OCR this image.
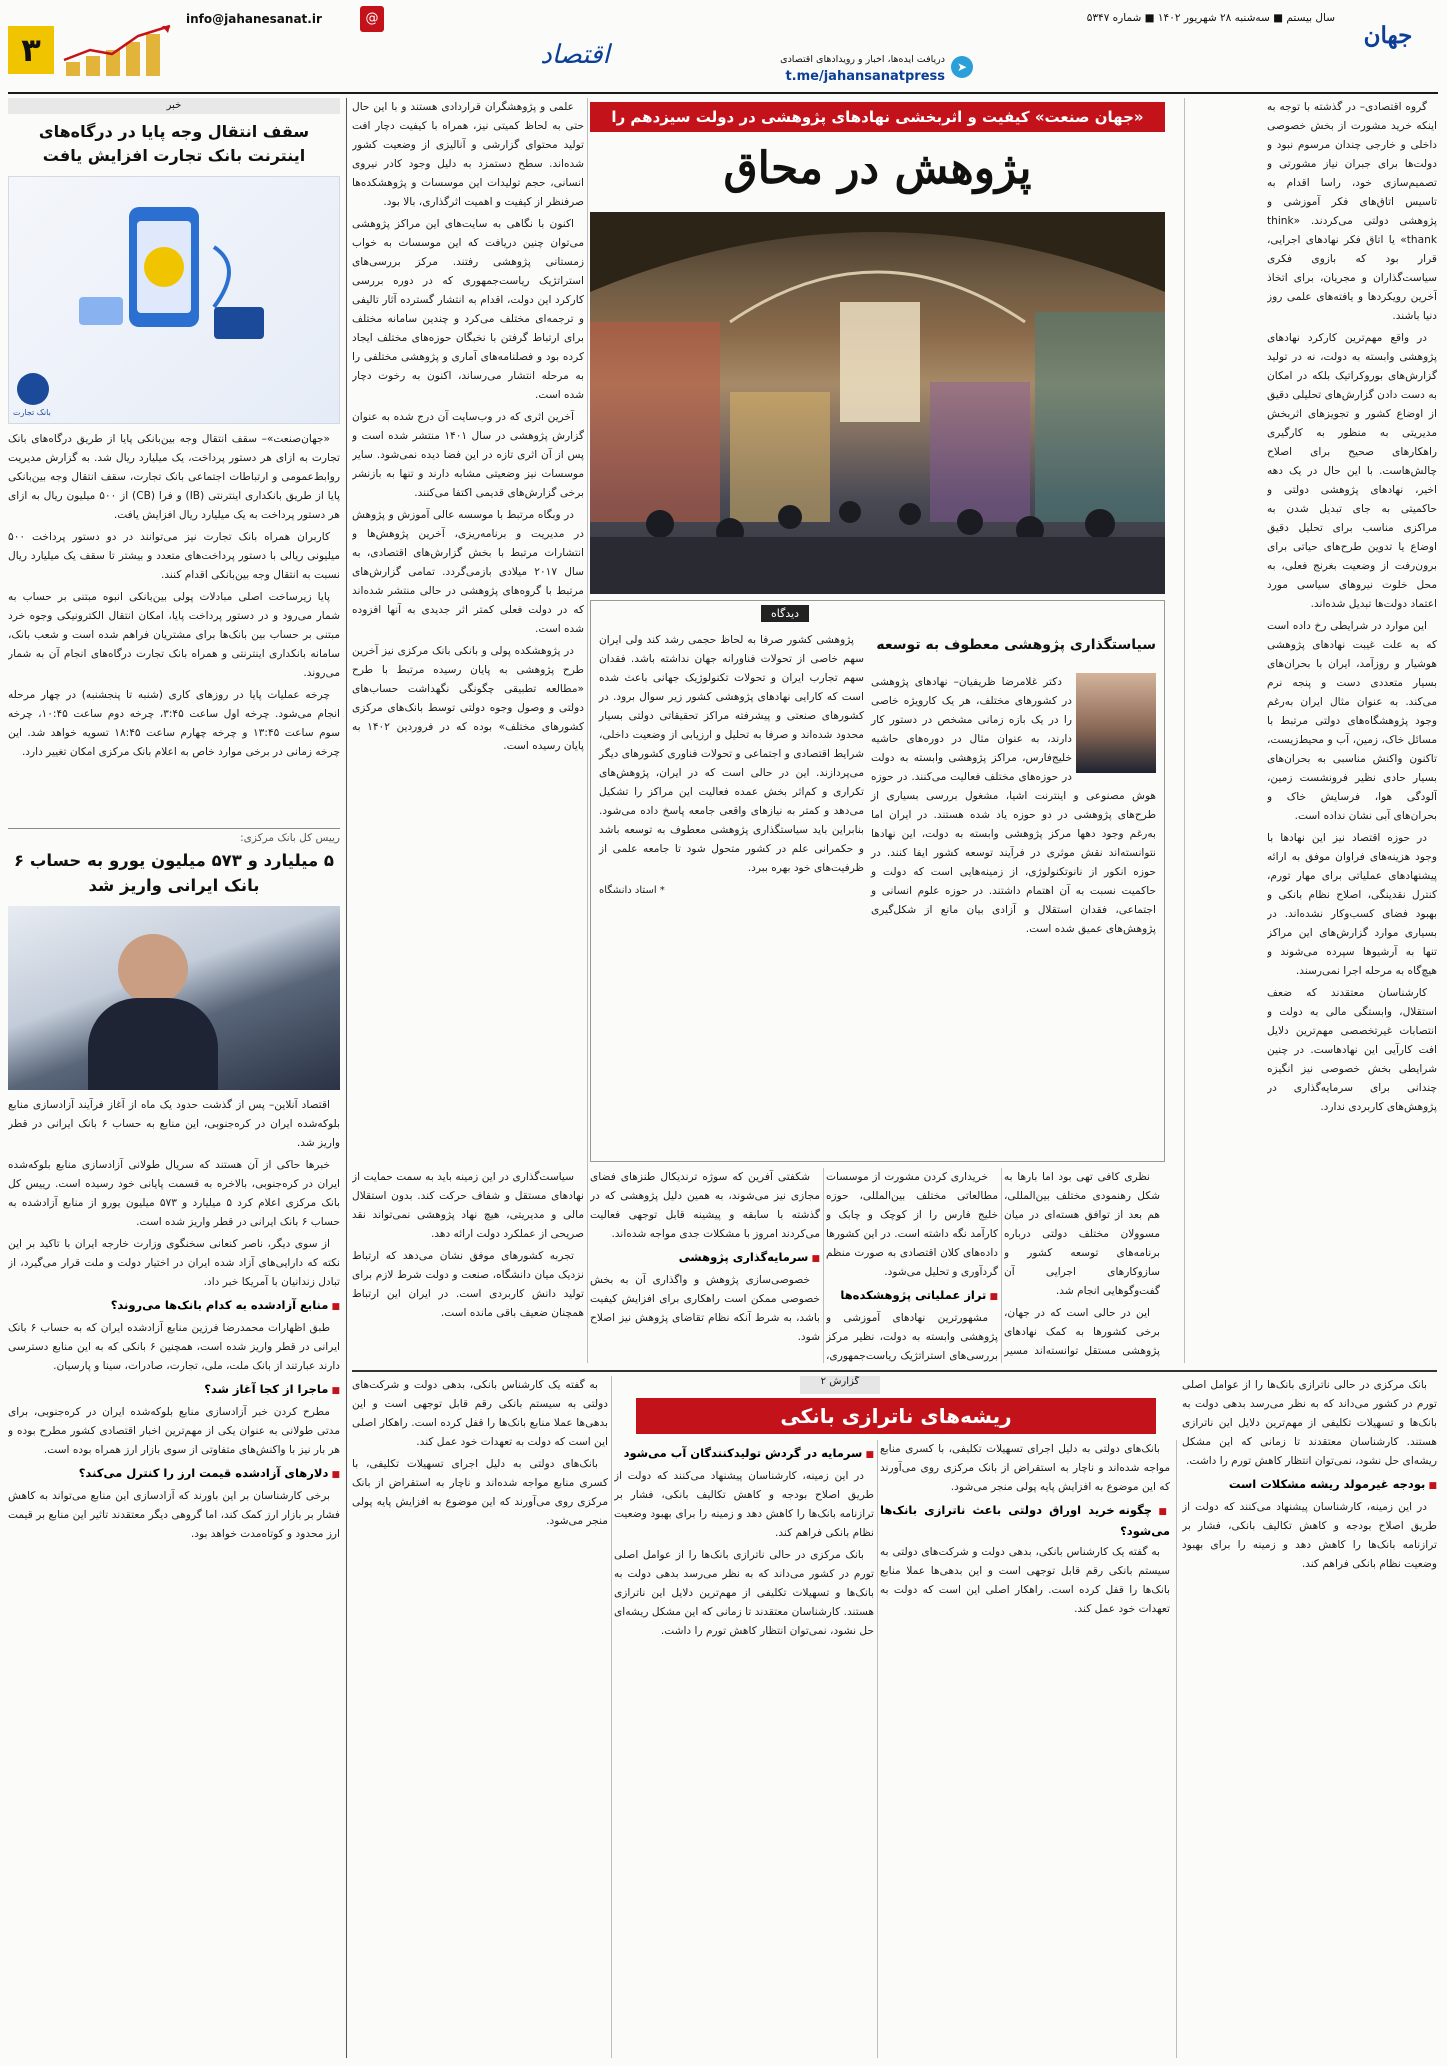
جهان
سال بیستم ■ سه‌شنبه ۲۸ شهریور ۱۴۰۲ ■ شماره ۵۳۴۷
➤
دریافت ایده‌ها، اخبار و رویدادهای اقتصادی
t.me/jahansanatpress
اقتصاد
info@jahanesanat.ir	@
۳
خبر
سقف انتقال وجه پایا در درگاه‌های اینترنت بانک تجارت افزایش یافت
بانک تجارت

«جهان‌صنعت»– سقف انتقال وجه بین‌بانکی پایا از طریق درگاه‌های بانک تجارت به ازای هر دستور پرداخت، یک میلیارد ریال شد. به گزارش مدیریت روابط‌عمومی و ارتباطات اجتماعی بانک تجارت، سقف انتقال وجه بین‌بانکی پایا از طریق بانکداری اینترنتی (IB) و فرا (CB) از ۵۰۰ میلیون ریال به ازای هر دستور پرداخت به یک میلیارد ریال افزایش یافت.

کاربران همراه بانک تجارت نیز می‌توانند در دو دستور پرداخت ۵۰۰ میلیونی ریالی با دستور پرداخت‌های متعدد و بیشتر تا سقف یک میلیارد ریال نسبت به انتقال وجه بین‌بانکی اقدام کنند.

پایا زیرساخت اصلی مبادلات پولی بین‌بانکی انبوه مبتنی بر حساب به شمار می‌رود و در دستور پرداخت پایا، امکان انتقال الکترونیکی وجوه خرد مبتنی بر حساب بین بانک‌ها برای مشتریان فراهم شده است و شعب بانک، سامانه بانکداری اینترنتی و همراه بانک تجارت درگاه‌های انجام آن به شمار می‌روند.

چرخه عملیات پایا در روزهای کاری (شنبه تا پنجشنبه) در چهار مرحله انجام می‌شود. چرخه اول ساعت ۳:۴۵، چرخه دوم ساعت ۱۰:۴۵، چرخه سوم ساعت ۱۳:۴۵ و چرخه چهارم ساعت ۱۸:۴۵ تسویه خواهد شد. این چرخه زمانی در برخی موارد خاص به اعلام بانک مرکزی امکان تغییر دارد.

رییس کل بانک مرکزی:
۵ میلیارد و ۵۷۳ میلیون یورو به حساب ۶ بانک ایرانی واریز شد

اقتصاد آنلاین– پس از گذشت حدود یک ماه از آغاز فرآیند آزادسازی منابع بلوکه‌شده ایران در کره‌جنوبی، این منابع به حساب ۶ بانک ایرانی در قطر واریز شد.

خبرها حاکی از آن هستند که سریال طولانی آزادسازی منابع بلوکه‌شده ایران در کره‌جنوبی، بالاخره به قسمت پایانی خود رسیده است. رییس کل بانک مرکزی اعلام کرد ۵ میلیارد و ۵۷۳ میلیون یورو از منابع آزادشده به حساب ۶ بانک ایرانی در قطر واریز شده است.

از سوی دیگر، ناصر کنعانی سخنگوی وزارت خارجه ایران با تاکید بر این نکته که دارایی‌های آزاد شده ایران در اختیار دولت و ملت قرار می‌گیرد، از تبادل زندانیان با آمریکا خبر داد.

■ منابع آزادشده به کدام بانک‌ها می‌روند؟

طبق اظهارات محمدرضا فرزین منابع آزادشده ایران که به حساب ۶ بانک ایرانی در قطر واریز شده است، همچنین ۶ بانکی که به این منابع دسترسی دارند عبارتند از بانک ملت، ملی، تجارت، صادرات، سینا و پارسیان.

■ ماجرا از کجا آغاز شد؟

مطرح کردن خبر آزادسازی منابع بلوکه‌شده ایران در کره‌جنوبی، برای مدتی طولانی به عنوان یکی از مهم‌ترین اخبار اقتصادی کشور مطرح بوده و هر بار نیز با واکنش‌های متفاوتی از سوی بازار ارز همراه بوده است.

■ دلارهای آزادشده قیمت ارز را کنترل می‌کند؟

برخی کارشناسان بر این باورند که آزادسازی این منابع می‌تواند به کاهش فشار بر بازار ارز کمک کند، اما گروهی دیگر معتقدند تاثیر این منابع بر قیمت ارز محدود و کوتاه‌مدت خواهد بود.

گروه اقتصادی– در گذشته با توجه به اینکه خرید مشورت از بخش خصوصی داخلی و خارجی چندان مرسوم نبود و دولت‌ها برای جبران نیاز مشورتی و تصمیم‌سازی خود، راسا اقدام به تاسیس اتاق‌های فکر آموزشی و پژوهشی دولتی می‌کردند. «think thank» یا اتاق فکر نهادهای اجرایی، قرار بود که بازوی فکری سیاست‌گذاران و مجریان، برای اتخاذ آخرین رویکردها و یافته‌های علمی روز دنیا باشند.

در واقع مهم‌ترین کارکرد نهادهای پژوهشی وابسته به دولت، نه در تولید گزارش‌های بوروکراتیک بلکه در امکان به دست دادن گزارش‌های تحلیلی دقیق از اوضاع کشور و تجویزهای اثربخش مدیریتی به منظور به کارگیری راهکارهای صحیح برای اصلاح چالش‌هاست. با این حال در یک دهه اخیر، نهادهای پژوهشی دولتی و حاکمیتی به جای تبدیل شدن به مراکزی مناسب برای تحلیل دقیق اوضاع یا تدوین طرح‌های حیاتی برای برون‌رفت از وضعیت بغرنج فعلی، به محل خلوت نیروهای سیاسی مورد اعتماد دولت‌ها تبدیل شده‌اند.

این موارد در شرایطی رخ داده است که به علت غیبت نهادهای پژوهشی هوشیار و روزآمد، ایران با بحران‌های بسیار متعددی دست و پنجه نرم می‌کند. به عنوان مثال ایران به‌رغم وجود پژوهشگاه‌های دولتی مرتبط با مسائل خاک، زمین، آب و محیط‌زیست، تاکنون واکنش مناسبی به بحران‌های بسیار حادی نظیر فرونشست زمین، آلودگی هوا، فرسایش خاک و بحران‌های آبی نشان نداده است.

در حوزه اقتصاد نیز این نهادها با وجود هزینه‌های فراوان موفق به ارائه پیشنهادهای عملیاتی برای مهار تورم، کنترل نقدینگی، اصلاح نظام بانکی و بهبود فضای کسب‌وکار نشده‌اند. در بسیاری موارد گزارش‌های این مراکز تنها به آرشیوها سپرده می‌شوند و هیچ‌گاه به مرحله اجرا نمی‌رسند.

کارشناسان معتقدند که ضعف استقلال، وابستگی مالی به دولت و انتصابات غیرتخصصی مهم‌ترین دلایل افت کارآیی این نهادهاست. در چنین شرایطی بخش خصوصی نیز انگیزه چندانی برای سرمایه‌گذاری در پژوهش‌های کاربردی ندارد.

«جهان صنعت» کیفیت و اثربخشی نهادهای پژوهشی در دولت سیزدهم را
پژوهش در محاق

علمی و پژوهشگران قراردادی هستند و با این حال حتی به لحاظ کمیتی نیز، همراه با کیفیت دچار افت تولید محتوای گزارشی و آنالیزی از وضعیت کشور شده‌اند. سطح دستمزد به دلیل وجود کادر نیروی انسانی، حجم تولیدات این موسسات و پژوهشکده‌ها صرفنظر از کیفیت و اهمیت اثرگذاری، بالا بود.

اکنون با نگاهی به سایت‌های این مراکز پژوهشی می‌توان چنین دریافت که این موسسات به خواب زمستانی پژوهشی رفتند. مرکز بررسی‌های استراتژیک ریاست‌جمهوری که در دوره بررسی کارکرد این دولت، اقدام به انتشار گسترده آثار تالیفی و ترجمه‌ای مختلف می‌کرد و چندین سامانه مختلف برای ارتباط گرفتن با نخبگان حوزه‌های مختلف ایجاد کرده بود و فصلنامه‌های آماری و پژوهشی مختلفی را به مرحله انتشار می‌رساند، اکنون به رخوت دچار شده است.

آخرین اثری که در وب‌سایت آن درج شده به عنوان گزارش پژوهشی در سال ۱۴۰۱ منتشر شده است و پس از آن اثری تازه در این فضا دیده نمی‌شود. سایر موسسات نیز وضعیتی مشابه دارند و تنها به بازنشر برخی گزارش‌های قدیمی اکتفا می‌کنند.

در وبگاه مرتبط با موسسه عالی آموزش و پژوهش در مدیریت و برنامه‌ریزی، آخرین پژوهش‌ها و انتشارات مرتبط با بخش گزارش‌های اقتصادی، به سال ۲۰۱۷ میلادی بازمی‌گردد. تمامی گزارش‌های مرتبط با گروه‌های پژوهشی در حالی منتشر شده‌اند که در دولت فعلی کمتر اثر جدیدی به آنها افزوده شده است.

در پژوهشکده پولی و بانکی بانک مرکزی نیز آخرین طرح پژوهشی به پایان رسیده مرتبط با طرح «مطالعه تطبیقی چگونگی نگهداشت حساب‌های دولتی و وصول وجوه دولتی توسط بانک‌های مرکزی کشورهای مختلف» بوده که در فروردین ۱۴۰۲ به پایان رسیده است.

دیدگاه
سیاستگذاری پژوهشی معطوف به توسعه

دکتر غلامرضا ظریفیان– نهادهای پژوهشی در کشورهای مختلف، هر یک کارویژه خاصی را در یک بازه زمانی مشخص در دستور کار دارند، به عنوان مثال در دوره‌های حاشیه خلیج‌فارس، مراکز پژوهشی وابسته به دولت در حوزه‌های مختلف فعالیت می‌کنند. در حوزه هوش مصنوعی و اینترنت اشیا، مشغول بررسی بسیاری از طرح‌های پژوهشی در دو حوزه یاد شده هستند. در ایران اما به‌رغم وجود دهها مرکز پژوهشی وابسته به دولت، این نهادها نتوانسته‌اند نقش موثری در فرآیند توسعه کشور ایفا کنند. در حوزه انکور از نانوتکنولوژی، از زمینه‌هایی است که دولت و حاکمیت نسبت به آن اهتمام داشتند. در حوزه علوم انسانی و اجتماعی، فقدان استقلال و آزادی بیان مانع از شکل‌گیری پژوهش‌های عمیق شده است.

پژوهشی کشور صرفا به لحاظ حجمی رشد کند ولی ایران سهم خاصی از تحولات فناورانه جهان نداشته باشد. فقدان سهم تجارب ایران و تحولات تکنولوژیک جهانی باعث شده است که کارایی نهادهای پژوهشی کشور زیر سوال برود. در کشورهای صنعتی و پیشرفته مراکز تحقیقاتی دولتی بسیار محدود شده‌اند و صرفا به تحلیل و ارزیابی از وضعیت داخلی، شرایط اقتصادی و اجتماعی و تحولات فناوری کشورهای دیگر می‌پردازند. این در حالی است که در ایران، پژوهش‌های تکراری و کم‌اثر بخش عمده فعالیت این مراکز را تشکیل می‌دهد و کمتر به نیازهای واقعی جامعه پاسخ داده می‌شود. بنابراین باید سیاستگذاری پژوهشی معطوف به توسعه باشد و حکمرانی علم در کشور متحول شود تا جامعه علمی از ظرفیت‌های خود بهره ببرد.

* استاد دانشگاه

نظری کافی تهی بود اما بارها به شکل رهنمودی مختلف بین‌المللی، هم بعد از توافق هسته‌ای در میان مسوولان مختلف دولتی درباره برنامه‌های توسعه کشور و سازوکارهای اجرایی آن گفت‌وگوهایی انجام شد.

این در حالی است که در جهان، برخی کشورها به کمک نهادهای پژوهشی مستقل توانسته‌اند مسیر

خریداری کردن مشورت از موسسات مطالعاتی مختلف بین‌المللی، حوزه خلیج فارس را از کوچک و چابک و کارآمد نگه داشته است. در این کشورها داده‌های کلان اقتصادی به صورت منظم گردآوری و تحلیل می‌شود.

■ تراز عملیاتی پژوهشکده‌ها

مشهورترین نهادهای آموزشی و پژوهشی وابسته به دولت، نظیر مرکز بررسی‌های استراتژیک ریاست‌جمهوری،

شکفتی آفرین که سوژه ترندیکال طنزهای فضای مجازی نیز می‌شوند، به همین دلیل پژوهشی که در گذشته با سابقه و پیشینه قابل توجهی فعالیت می‌کردند امروز با مشکلات جدی مواجه شده‌اند.

■ سرمایه‌گذاری پژوهشی

خصوصی‌سازی پژوهش و واگذاری آن به بخش خصوصی ممکن است راهکاری برای افزایش کیفیت باشد، به شرط آنکه نظام تقاضای پژوهش نیز اصلاح شود.

سیاست‌گذاری در این زمینه باید به سمت حمایت از نهادهای مستقل و شفاف حرکت کند. بدون استقلال مالی و مدیریتی، هیچ نهاد پژوهشی نمی‌تواند نقد صریحی از عملکرد دولت ارائه دهد.

تجربه کشورهای موفق نشان می‌دهد که ارتباط نزدیک میان دانشگاه، صنعت و دولت شرط لازم برای تولید دانش کاربردی است. در ایران این ارتباط همچنان ضعیف باقی مانده است.

گزارش ۲
ریشه‌های ناترازی بانکی

بانک مرکزی در حالی ناترازی بانک‌ها را از عوامل اصلی تورم در کشور می‌داند که به نظر می‌رسد بدهی دولت به بانک‌ها و تسهیلات تکلیفی از مهم‌ترین دلایل این ناترازی هستند. کارشناسان معتقدند تا زمانی که این مشکل ریشه‌ای حل نشود، نمی‌توان انتظار کاهش تورم را داشت.

■ بودجه غیرمولد ریشه مشکلات است

در این زمینه، کارشناسان پیشنهاد می‌کنند که دولت از طریق اصلاح بودجه و کاهش تکالیف بانکی، فشار بر ترازنامه بانک‌ها را کاهش دهد و زمینه را برای بهبود وضعیت نظام بانکی فراهم کند.

بانک‌های دولتی به دلیل اجرای تسهیلات تکلیفی، با کسری منابع مواجه شده‌اند و ناچار به استقراض از بانک مرکزی روی می‌آورند که این موضوع به افزایش پایه پولی منجر می‌شود.

■ چگونه خرید اوراق دولتی باعث ناترازی بانک‌ها می‌شود؟

به گفته یک کارشناس بانکی، بدهی دولت و شرکت‌های دولتی به سیستم بانکی رقم قابل توجهی است و این بدهی‌ها عملا منابع بانک‌ها را قفل کرده است. راهکار اصلی این است که دولت به تعهدات خود عمل کند.

■ سرمایه در گردش تولیدکنندگان آب می‌شود

در این زمینه، کارشناسان پیشنهاد می‌کنند که دولت از طریق اصلاح بودجه و کاهش تکالیف بانکی، فشار بر ترازنامه بانک‌ها را کاهش دهد و زمینه را برای بهبود وضعیت نظام بانکی فراهم کند.

بانک مرکزی در حالی ناترازی بانک‌ها را از عوامل اصلی تورم در کشور می‌داند که به نظر می‌رسد بدهی دولت به بانک‌ها و تسهیلات تکلیفی از مهم‌ترین دلایل این ناترازی هستند. کارشناسان معتقدند تا زمانی که این مشکل ریشه‌ای حل نشود، نمی‌توان انتظار کاهش تورم را داشت.

به گفته یک کارشناس بانکی، بدهی دولت و شرکت‌های دولتی به سیستم بانکی رقم قابل توجهی است و این بدهی‌ها عملا منابع بانک‌ها را قفل کرده است. راهکار اصلی این است که دولت به تعهدات خود عمل کند.

بانک‌های دولتی به دلیل اجرای تسهیلات تکلیفی، با کسری منابع مواجه شده‌اند و ناچار به استقراض از بانک مرکزی روی می‌آورند که این موضوع به افزایش پایه پولی منجر می‌شود.
